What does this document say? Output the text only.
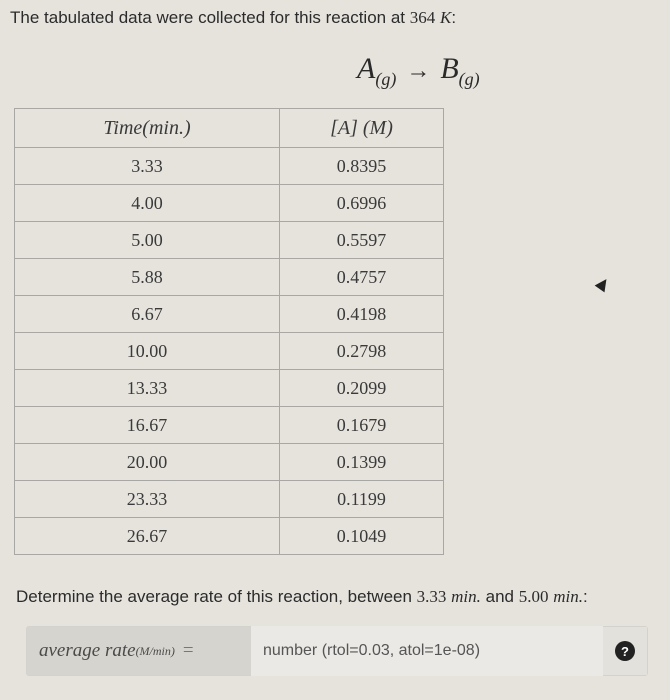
The tabulated data were collected for this reaction at 364 K:
$A_{(g)} \to B_{(g)}$
Time(min.)	[A] (M)
3.33	0.8395
4.00	0.6996
5.00	0.5597
5.88	0.4757
6.67	0.4198
10.00	0.2798
13.33	0.2099
16.67	0.1679
20.00	0.1399
23.33	0.1199
26.67	0.1049
Determine the average rate of this reaction, between 3.33 min. and 5.00 min.:
average rate (M/min) =
number (rtol=0.03, atol=1e-08)	?
